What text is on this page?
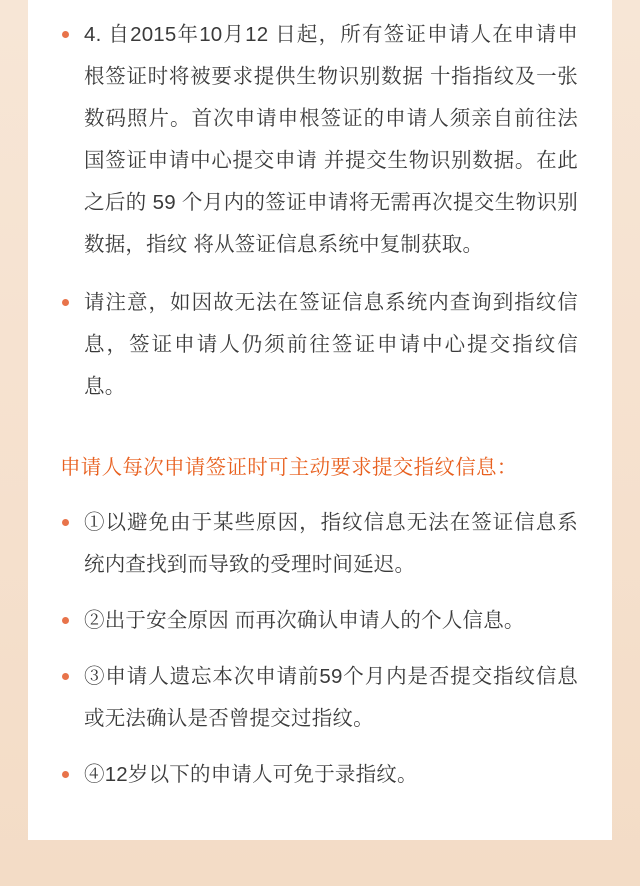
4. 自2015年10月12 日起，所有签证申请人在申请申根签证时将被要求提供生物识别数据 十指指纹及一张数码照片。首次申请申根签证的申请人须亲自前往法国签证申请中心提交申请 并提交生物识别数据。在此之后的 59 个月内的签证申请将无需再次提交生物识别数据，指纹 将从签证信息系统中复制获取。
请注意，如因故无法在签证信息系统内查询到指纹信息，签证申请人仍须前往签证申请中心提交指纹信息。
申请人每次申请签证时可主动要求提交指纹信息：
①以避免由于某些原因，指纹信息无法在签证信息系统内查找到而导致的受理时间延迟。
②出于安全原因 而再次确认申请人的个人信息。
③申请人遗忘本次申请前59个月内是否提交指纹信息或无法确认是否曾提交过指纹。
④12岁以下的申请人可免于录指纹。
